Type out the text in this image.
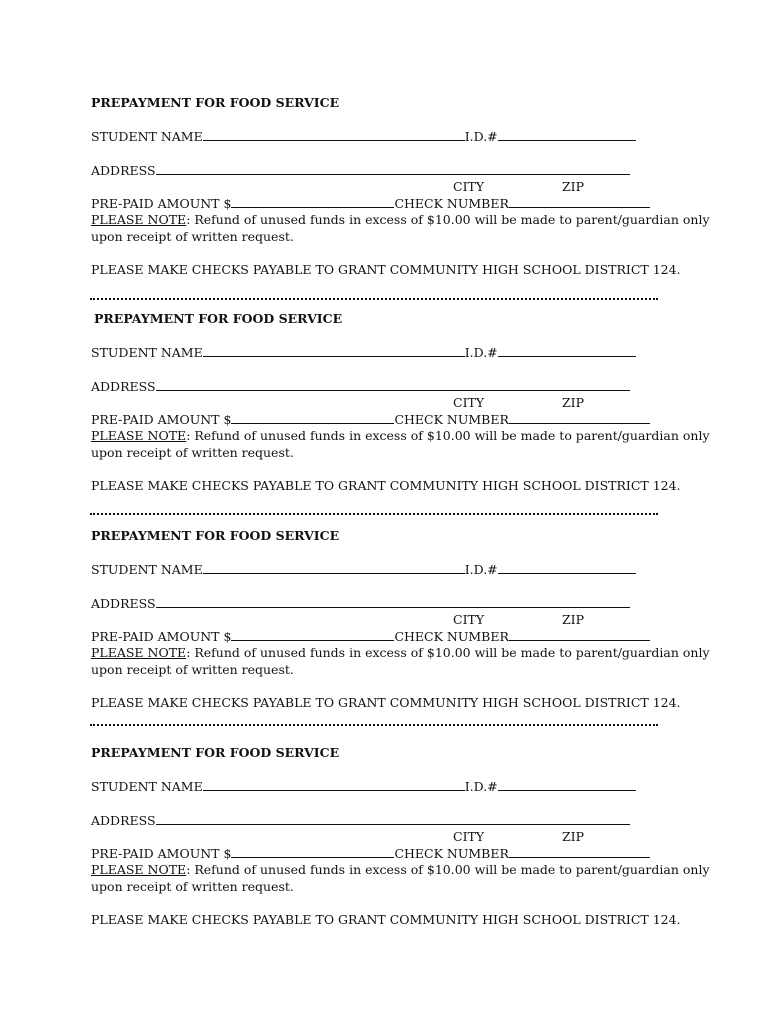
PREPAYMENT FOR FOOD SERVICE

STUDENT NAME	I.D.#
ADDRESS
CITY	ZIP
PRE-PAID AMOUNT $	CHECK NUMBER
PLEASE NOTE: Refund of unused funds in excess of $10.00 will be made to parent/guardian only
upon receipt of written request.
PLEASE MAKE CHECKS PAYABLE TO GRANT COMMUNITY HIGH SCHOOL DISTRICT 124.

PREPAYMENT FOR FOOD SERVICE

STUDENT NAME	I.D.#
ADDRESS
CITY	ZIP
PRE-PAID AMOUNT $	CHECK NUMBER
PLEASE NOTE: Refund of unused funds in excess of $10.00 will be made to parent/guardian only
upon receipt of written request.
PLEASE MAKE CHECKS PAYABLE TO GRANT COMMUNITY HIGH SCHOOL DISTRICT 124.

PREPAYMENT FOR FOOD SERVICE

STUDENT NAME	I.D.#
ADDRESS
CITY	ZIP
PRE-PAID AMOUNT $	CHECK NUMBER
PLEASE NOTE: Refund of unused funds in excess of $10.00 will be made to parent/guardian only
upon receipt of written request.
PLEASE MAKE CHECKS PAYABLE TO GRANT COMMUNITY HIGH SCHOOL DISTRICT 124.

PREPAYMENT FOR FOOD SERVICE

STUDENT NAME	I.D.#
ADDRESS
CITY	ZIP
PRE-PAID AMOUNT $	CHECK NUMBER
PLEASE NOTE: Refund of unused funds in excess of $10.00 will be made to parent/guardian only
upon receipt of written request.
PLEASE MAKE CHECKS PAYABLE TO GRANT COMMUNITY HIGH SCHOOL DISTRICT 124.
